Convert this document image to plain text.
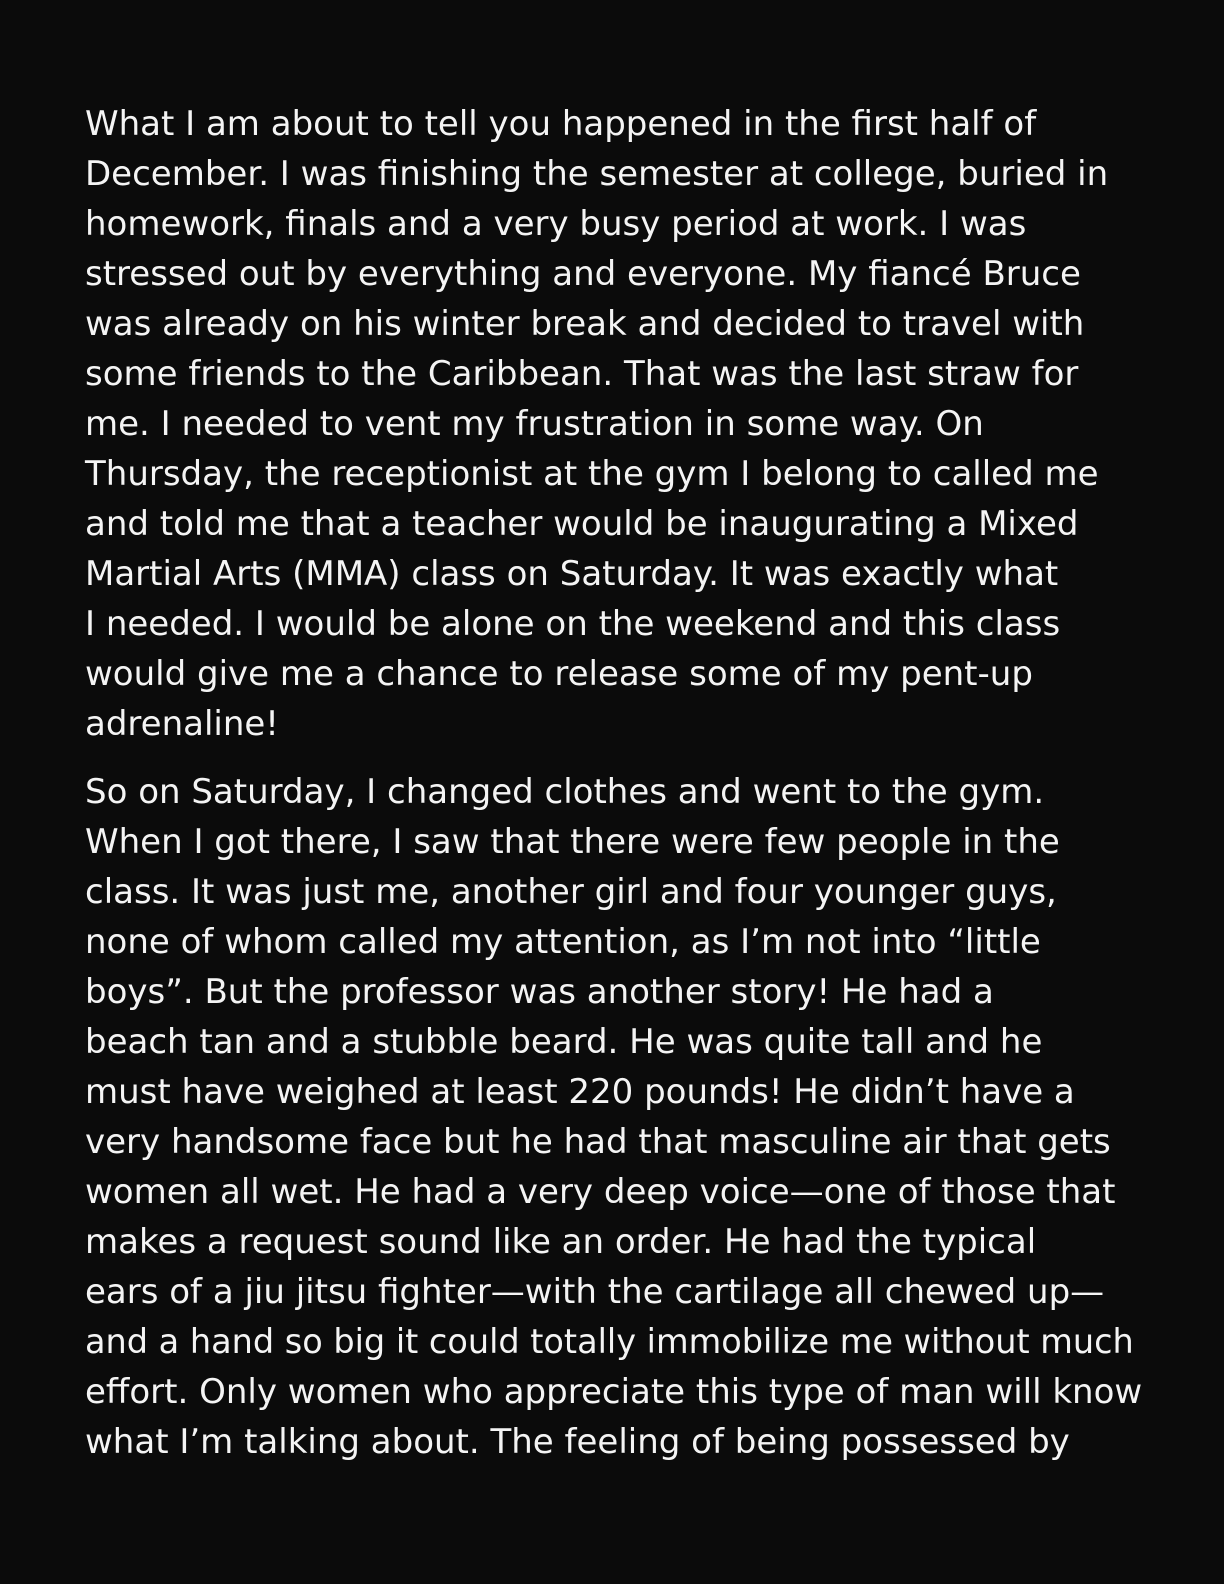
What I am about to tell you happened in the first half of
December. I was finishing the semester at college, buried in
homework, finals and a very busy period at work. I was
stressed out by everything and everyone. My fiancé Bruce
was already on his winter break and decided to travel with
some friends to the Caribbean. That was the last straw for
me. I needed to vent my frustration in some way. On
Thursday, the receptionist at the gym I belong to called me
and told me that a teacher would be inaugurating a Mixed
Martial Arts (MMA) class on Saturday. It was exactly what
I needed. I would be alone on the weekend and this class
would give me a chance to release some of my pent-up
adrenaline!
So on Saturday, I changed clothes and went to the gym.
When I got there, I saw that there were few people in the
class. It was just me, another girl and four younger guys,
none of whom called my attention, as I’m not into “little
boys”. But the professor was another story! He had a
beach tan and a stubble beard. He was quite tall and he
must have weighed at least 220 pounds! He didn’t have a
very handsome face but he had that masculine air that gets
women all wet. He had a very deep voice—one of those that
makes a request sound like an order. He had the typical
ears of a jiu jitsu fighter—with the cartilage all chewed up—
and a hand so big it could totally immobilize me without much
effort. Only women who appreciate this type of man will know
what I’m talking about. The feeling of being possessed by
